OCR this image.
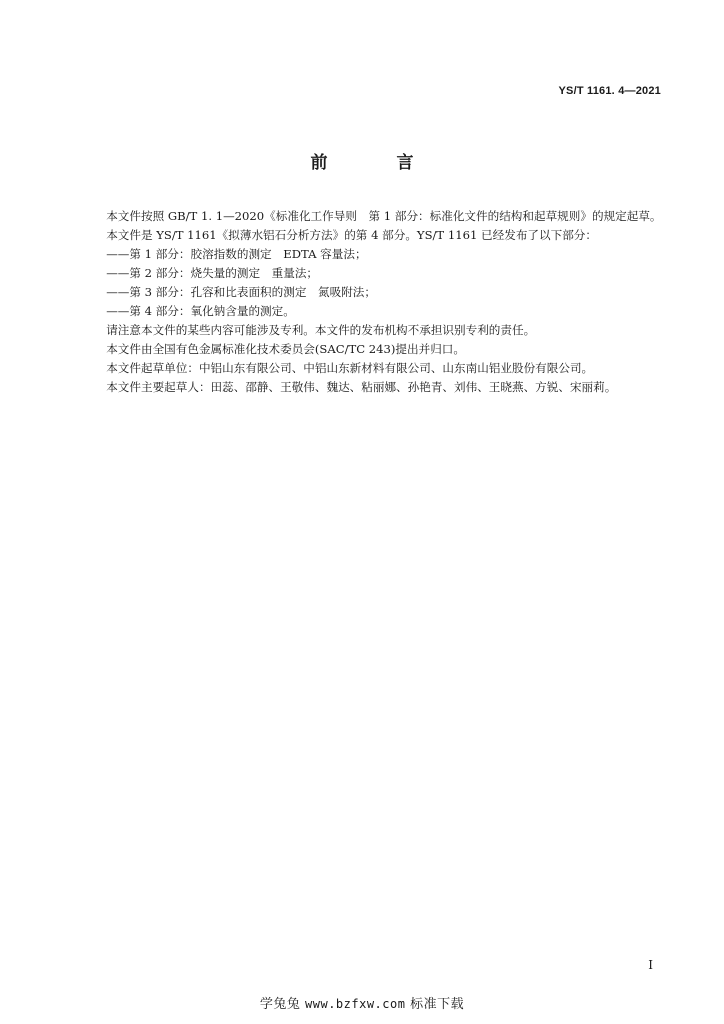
YS/T 1161. 4—2021
前　言

本文件按照 GB/T 1. 1—2020《标准化工作导则　第 1 部分：标准化文件的结构和起草规则》的规定起草。

本文件是 YS/T 1161《拟薄水铝石分析方法》的第 4 部分。YS/T 1161 已经发布了以下部分：

——第 1 部分：胶溶指数的测定　EDTA 容量法；

——第 2 部分：烧失量的测定　重量法；

——第 3 部分：孔容和比表面积的测定　氮吸附法；

——第 4 部分：氧化钠含量的测定。

请注意本文件的某些内容可能涉及专利。本文件的发布机构不承担识别专利的责任。

本文件由全国有色金属标准化技术委员会(SAC/TC 243)提出并归口。

本文件起草单位：中铝山东有限公司、中铝山东新材料有限公司、山东南山铝业股份有限公司。

本文件主要起草人：田蕊、邵静、王敬伟、魏达、粘丽娜、孙艳青、刘伟、王晓燕、方锐、宋丽莉。

I
学兔兔 www.bzfxw.com 标准下载
